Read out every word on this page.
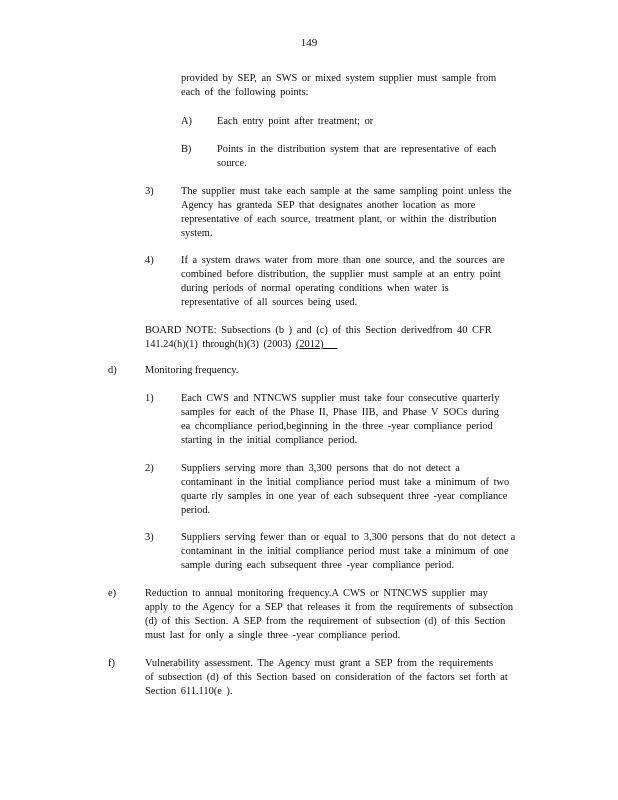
149
provided by SEP, an SWS or mixed system supplier must sample from
each of the following points:
A) Each entry point after treatment; or
B) Points in the distribution system that are representative of each
source.
3)	The supplier must take each sample at the same sampling point unless the
Agency has granteda SEP that designates another location as more
representative of each source, treatment plant, or within the distribution
system.
4)	If a system draws water from more than one source, and the sources are
combined before distribution, the supplier must sample at an entry point
during periods of normal operating conditions when water is
representative of all sources being used.
BOARD NOTE: Subsections (b ) and (c) of this Section derivedfrom 40 CFR
141.24(h)(1) through(h)(3) (2003) (2012)
d)	Monitoring frequency.
1)	Each CWS and NTNCWS supplier must take four consecutive quarterly
samples for each of the Phase II, Phase IIB, and Phase V SOCs during
ea chcompliance period,beginning in the three -year compliance period
starting in the initial compliance period.
2)	Suppliers serving more than 3,300 persons that do not detect a
contaminant in the initial compliance period must take a minimum of two
quarte rly samples in one year of each subsequent three -year compliance
period.
3)	Suppliers serving fewer than or equal to 3,300 persons that do not detect a
contaminant in the initial compliance period must take a minimum of one
sample during each subsequent three -year compliance period.
e)	Reduction to annual monitoring frequency.A CWS or NTNCWS supplier may
apply to the Agency for a SEP that releases it from the requirements of subsection
(d) of this Section. A SEP from the requirement of subsection (d) of this Section
must last for only a single three -year compliance period.
f)	Vulnerability assessment. The Agency must grant a SEP from the requirements
of subsection (d) of this Section based on consideration of the factors set forth at
Section 611.110(e ).
